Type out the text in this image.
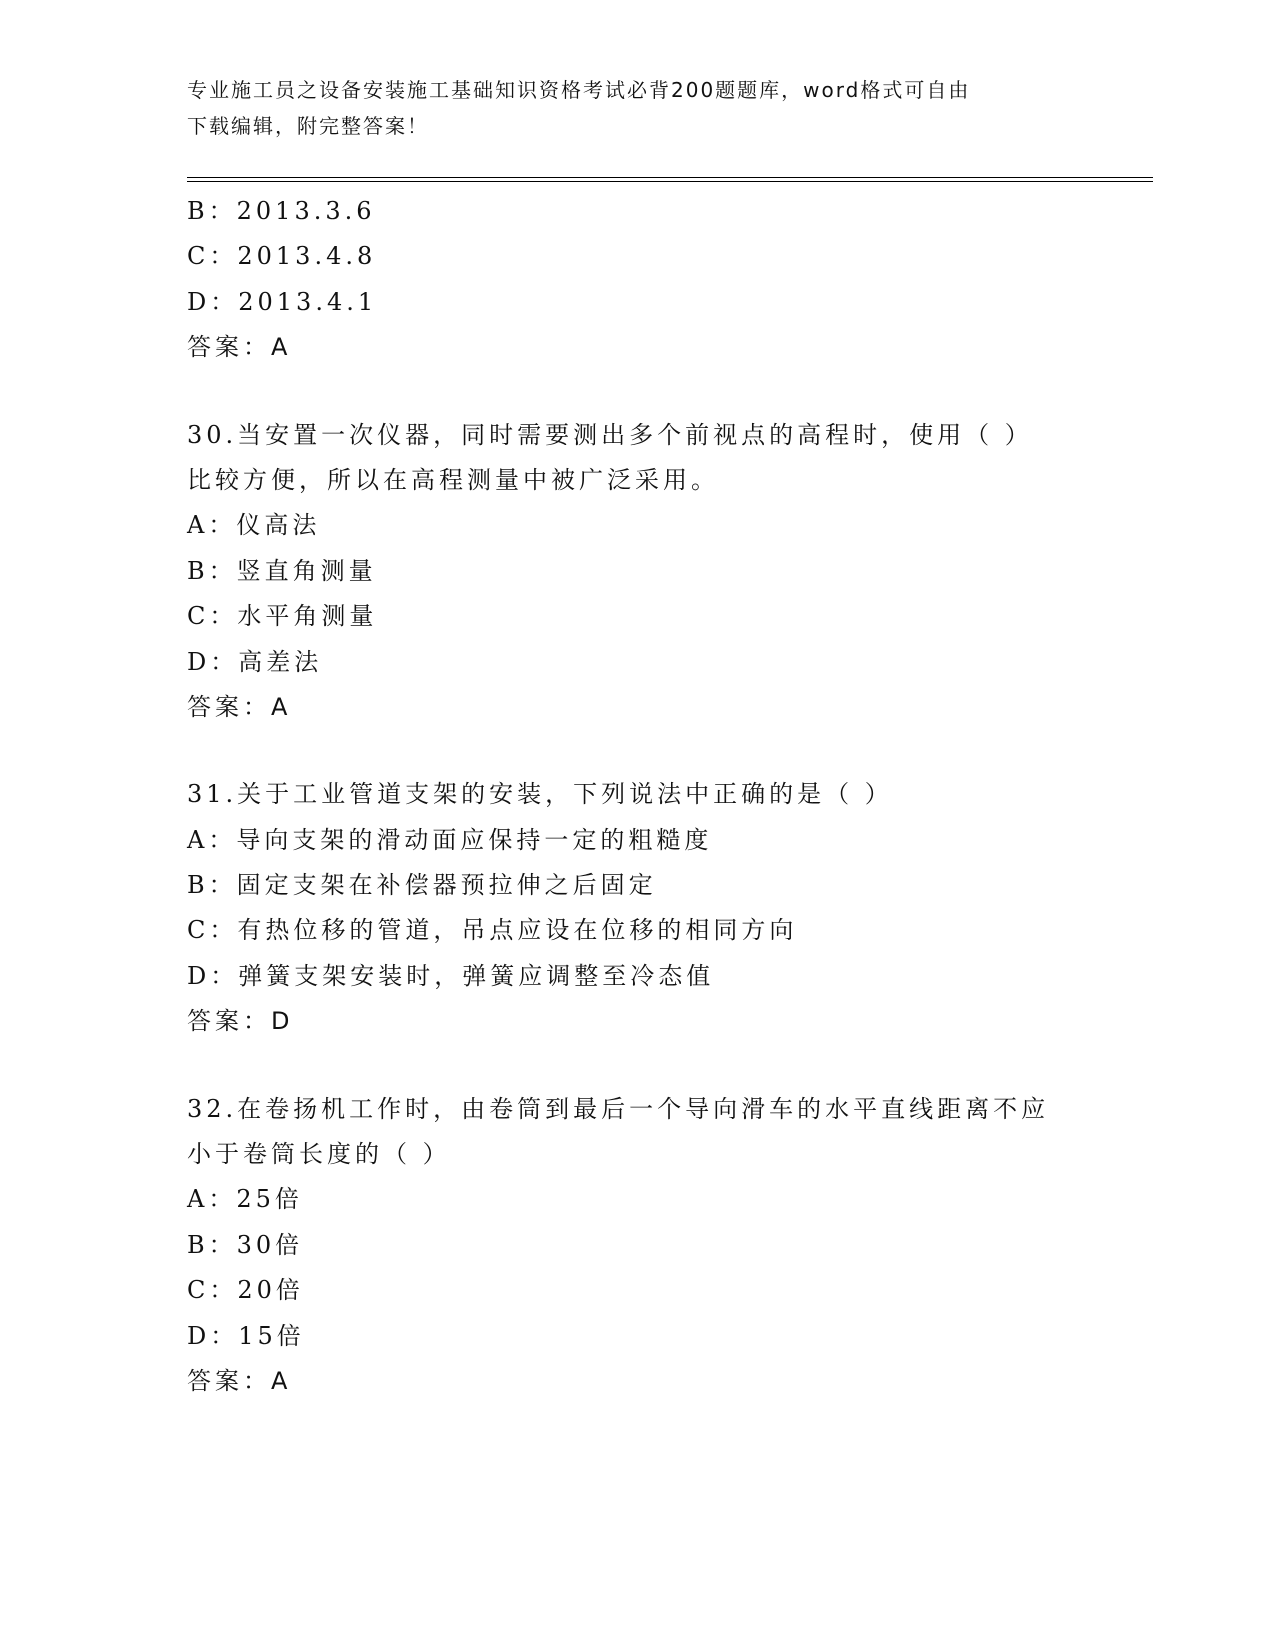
专业施工员之设备安装施工基础知识资格考试必背200题题库，word格式可自由
下载编辑，附完整答案！
B：2013.3.6
C：2013.4.8
D：2013.4.1
答案：A
30.当安置一次仪器，同时需要测出多个前视点的高程时，使用（ ）
比较方便，所以在高程测量中被广泛采用。
A：仪高法
B：竖直角测量
C：水平角测量
D：高差法
答案：A
31.关于工业管道支架的安装，下列说法中正确的是（ ）
A：导向支架的滑动面应保持一定的粗糙度
B：固定支架在补偿器预拉伸之后固定
C：有热位移的管道，吊点应设在位移的相同方向
D：弹簧支架安装时，弹簧应调整至冷态值
答案：D
32.在卷扬机工作时，由卷筒到最后一个导向滑车的水平直线距离不应
小于卷筒长度的（ ）
A：25倍
B：30倍
C：20倍
D：15倍
答案：A
